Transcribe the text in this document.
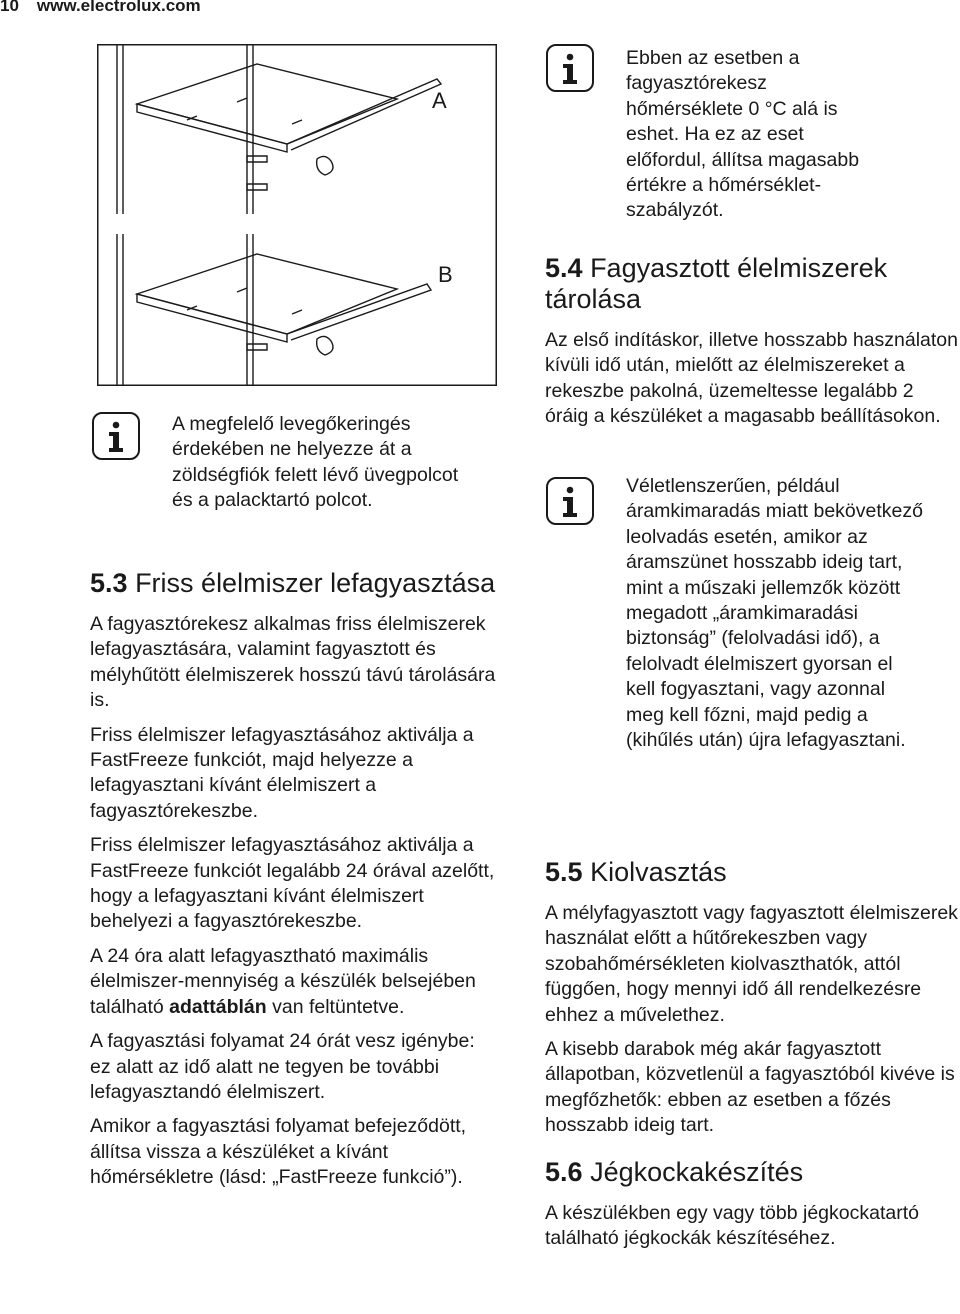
10 www.electrolux.com
A
B
A megfelelő levegőkeringés érdekében ne helyezze át a zöldségfiók felett lévő üvegpolcot és a palacktartó polcot.
5.3 Friss élelmiszer lefagyasztása

A fagyasztórekesz alkalmas friss élelmiszerek lefagyasztására, valamint fagyasztott és mélyhűtött élelmiszerek hosszú távú tárolására is.

Friss élelmiszer lefagyasztásához aktiválja a FastFreeze funkciót, majd helyezze a lefagyasztani kívánt élelmiszert a fagyasztórekeszbe.

Friss élelmiszer lefagyasztásához aktiválja a FastFreeze funkciót legalább 24 órával azelőtt, hogy a lefagyasztani kívánt élelmiszert behelyezi a fagyasztórekeszbe.

A 24 óra alatt lefagyasztható maximális élelmiszer-mennyiség a készülék belsejében található adattáblán van feltüntetve.

A fagyasztási folyamat 24 órát vesz igénybe: ez alatt az idő alatt ne tegyen be további lefagyasztandó élelmiszert.

Amikor a fagyasztási folyamat befejeződött, állítsa vissza a készüléket a kívánt hőmérsékletre (lásd: „FastFreeze funkció”).

Ebben az esetben a fagyasztórekesz hőmérséklete 0 °C alá is eshet. Ha ez az eset előfordul, állítsa magasabb értékre a hőmérséklet-szabályzót.
5.4 Fagyasztott élelmiszerek tárolása

Az első indításkor, illetve hosszabb használaton kívüli idő után, mielőtt az élelmiszereket a rekeszbe pakolná, üzemeltesse legalább 2 óráig a készüléket a magasabb beállításokon.

Véletlenszerűen, például áramkimaradás miatt bekövetkező leolvadás esetén, amikor az áramszünet hosszabb ideig tart, mint a műszaki jellemzők között megadott „áramkimaradási biztonság” (felolvadási idő), a felolvadt élelmiszert gyorsan el kell fogyasztani, vagy azonnal meg kell főzni, majd pedig a (kihűlés után) újra lefagyasztani.
5.5 Kiolvasztás

A mélyfagyasztott vagy fagyasztott élelmiszerek használat előtt a hűtőrekeszben vagy szobahőmérsékleten kiolvaszthatók, attól függően, hogy mennyi idő áll rendelkezésre ehhez a művelethez.

A kisebb darabok még akár fagyasztott állapotban, közvetlenül a fagyasztóból kivéve is megfőzhetők: ebben az esetben a főzés hosszabb ideig tart.

5.6 Jégkockakészítés

A készülékben egy vagy több jégkockatartó található jégkockák készítéséhez.
